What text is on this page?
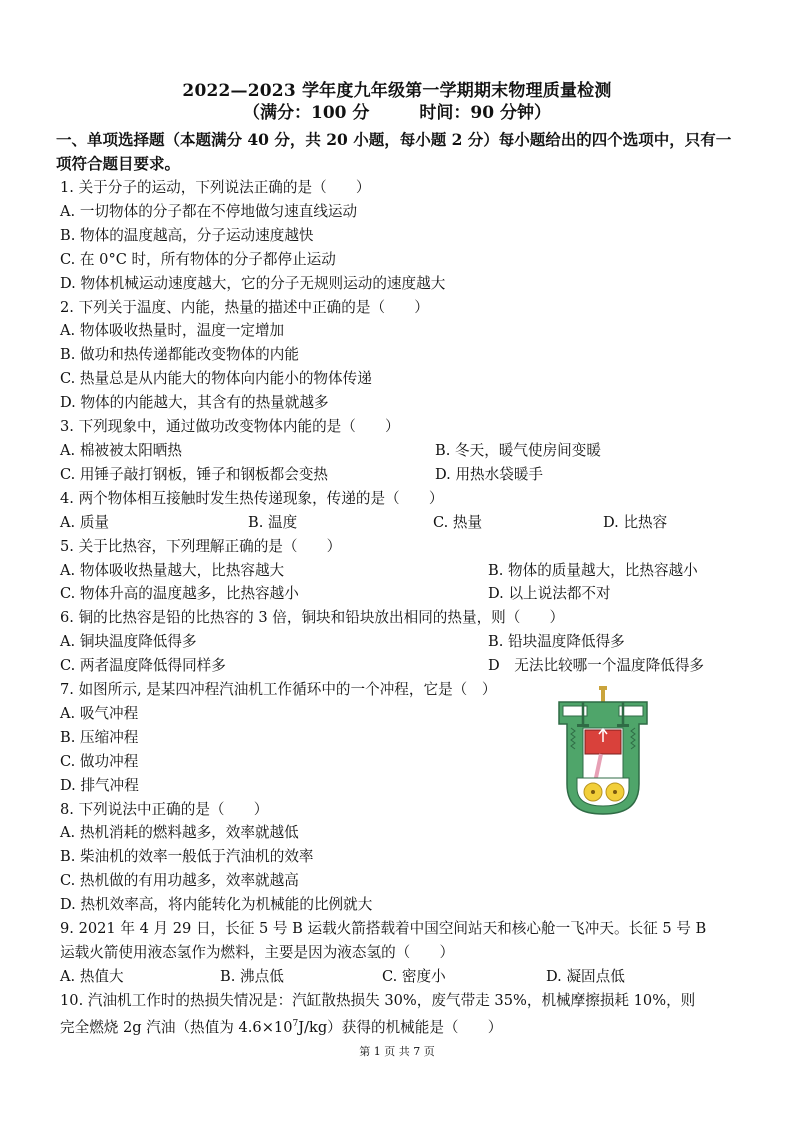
2022—2023 学年度九年级第一学期期末物理质量检测
（满分：100 分	时间：90 分钟）
一、单项选择题（本题满分 40 分，共 20 小题，每小题 2 分）每小题给出的四个选项中，只有一
项符合题目要求。
1. 关于分子的运动，下列说法正确的是（　　）
A. 一切物体的分子都在不停地做匀速直线运动
B. 物体的温度越高，分子运动速度越快
C. 在 0°C 时，所有物体的分子都停止运动
D. 物体机械运动速度越大，它的分子无规则运动的速度越大
2. 下列关于温度、内能，热量的描述中正确的是（　　）
A. 物体吸收热量时，温度一定增加
B. 做功和热传递都能改变物体的内能
C. 热量总是从内能大的物体向内能小的物体传递
D. 物体的内能越大，其含有的热量就越多
3. 下列现象中，通过做功改变物体内能的是（　　）
A. 棉被被太阳晒热	B. 冬天，暖气使房间变暖
C. 用锤子敲打钢板，锤子和钢板都会变热	D. 用热水袋暖手
4. 两个物体相互接触时发生热传递现象，传递的是（　　）
A. 质量	B. 温度	C. 热量	D. 比热容
5. 关于比热容，下列理解正确的是（　　）
A. 物体吸收热量越大，比热容越大	B. 物体的质量越大，比热容越小
C. 物体升高的温度越多，比热容越小	D. 以上说法都不对
6. 铜的比热容是铅的比热容的 3 倍，铜块和铅块放出相同的热量，则（　　）
A. 铜块温度降低得多	B. 铅块温度降低得多
C. 两者温度降低得同样多	D　无法比较哪一个温度降低得多
7. 如图所示, 是某四冲程汽油机工作循环中的一个冲程，它是（　）
A. 吸气冲程
B. 压缩冲程
C. 做功冲程
D. 排气冲程
8. 下列说法中正确的是（　　）
A. 热机消耗的燃料越多，效率就越低
B. 柴油机的效率一般低于汽油机的效率
C. 热机做的有用功越多，效率就越高
D. 热机效率高，将内能转化为机械能的比例就大
9. 2021 年 4 月 29 日，长征 5 号 B 运载火箭搭载着中国空间站天和核心舱一飞冲天。长征 5 号 B
运载火箭使用液态氢作为燃料，主要是因为液态氢的（　　）
A. 热值大	B. 沸点低	C. 密度小	D. 凝固点低
10. 汽油机工作时的热损失情况是：汽缸散热损失 30%，废气带走 35%，机械摩擦损耗 10%，则
完全燃烧 2g 汽油（热值为 $4.6\times 10^7J/kg$）获得的机械能是（　　）
第 1 页 共 7 页
